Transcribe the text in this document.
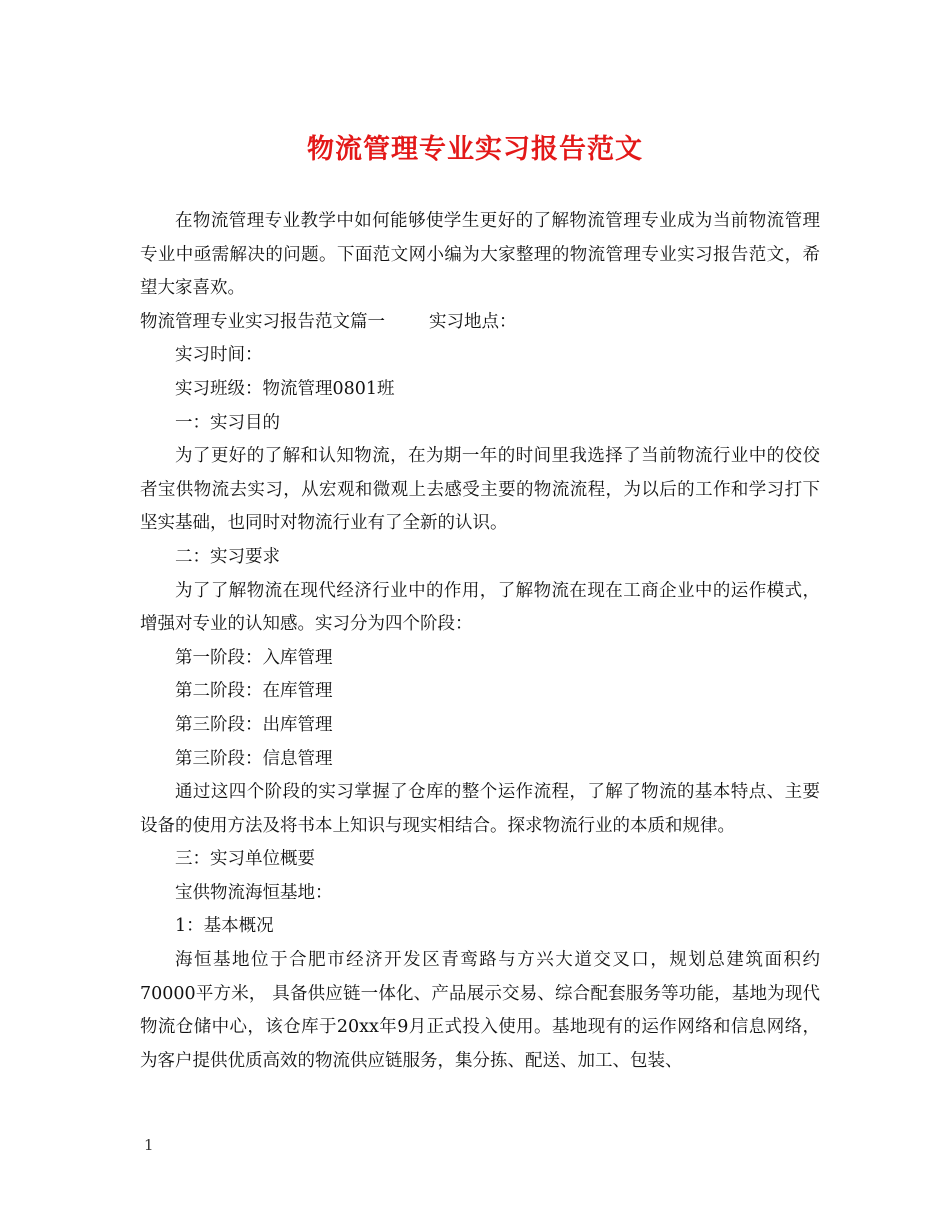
物流管理专业实习报告范文

在物流管理专业教学中如何能够使学生更好的了解物流管理专业成为当前物流管理专业中亟需解决的问题。下面范文网小编为大家整理的物流管理专业实习报告范文，希望大家喜欢。

物流管理专业实习报告范文篇一	实习地点：

实习时间：

实习班级：物流管理0801班

一：实习目的

为了更好的了解和认知物流，在为期一年的时间里我选择了当前物流行业中的佼佼者宝供物流去实习，从宏观和微观上去感受主要的物流流程，为以后的工作和学习打下坚实基础，也同时对物流行业有了全新的认识。

二：实习要求

为了了解物流在现代经济行业中的作用，了解物流在现在工商企业中的运作模式，增强对专业的认知感。实习分为四个阶段：

第一阶段：入库管理

第二阶段：在库管理

第三阶段：出库管理

第三阶段：信息管理

通过这四个阶段的实习掌握了仓库的整个运作流程，了解了物流的基本特点、主要设备的使用方法及将书本上知识与现实相结合。探求物流行业的本质和规律。

三：实习单位概要

宝供物流海恒基地：

1：基本概况

海恒基地位于合肥市经济开发区青鸾路与方兴大道交叉口，规划总建筑面积约70000平方米， 具备供应链一体化、产品展示交易、综合配套服务等功能，基地为现代物流仓储中心，该仓库于20xx年9月正式投入使用。基地现有的运作网络和信息网络，为客户提供优质高效的物流供应链服务，集分拣、配送、加工、包装、

1
